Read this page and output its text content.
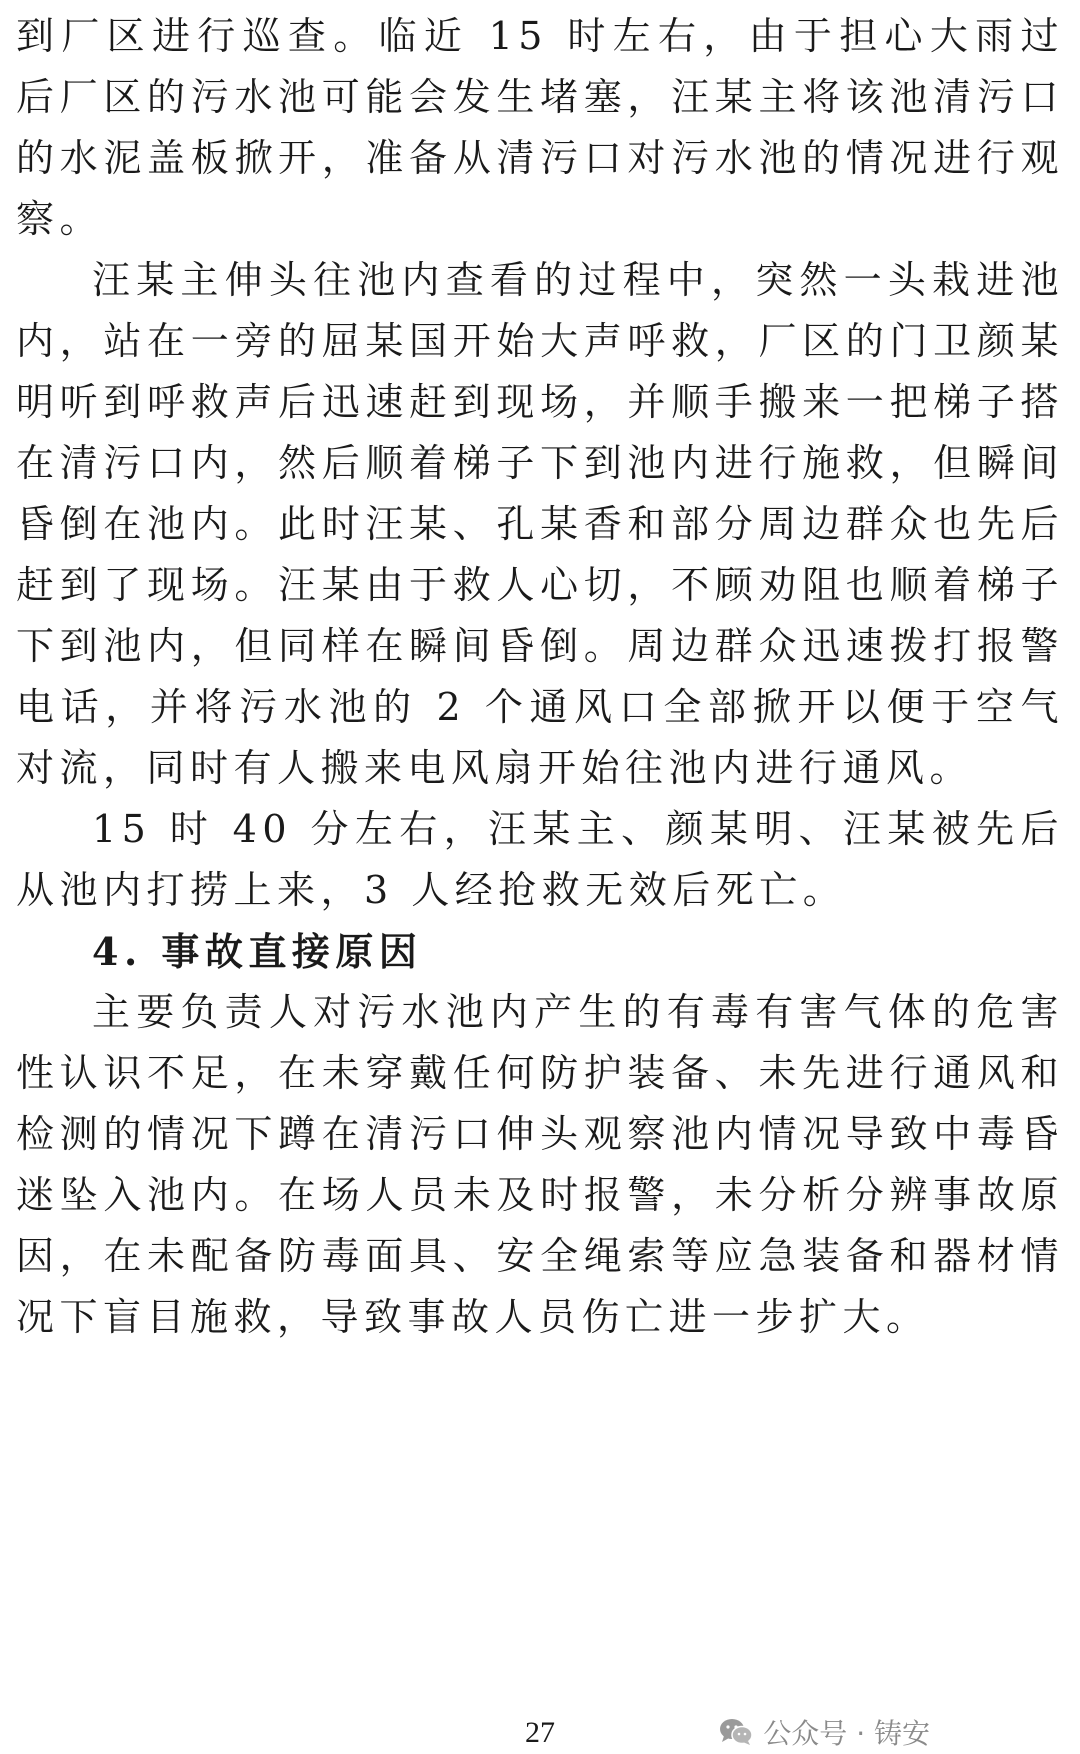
到厂区进行巡查。临近 15 时左右，由于担心大雨过后厂区的污水池可能会发生堵塞，汪某主将该池清污口的水泥盖板掀开，准备从清污口对污水池的情况进行观察。

汪某主伸头往池内查看的过程中，突然一头栽进池内，站在一旁的屈某国开始大声呼救，厂区的门卫颜某明听到呼救声后迅速赶到现场，并顺手搬来一把梯子搭在清污口内，然后顺着梯子下到池内进行施救，但瞬间昏倒在池内。此时汪某、孔某香和部分周边群众也先后赶到了现场。汪某由于救人心切，不顾劝阻也顺着梯子下到池内，但同样在瞬间昏倒。周边群众迅速拨打报警电话，并将污水池的 2 个通风口全部掀开以便于空气对流，同时有人搬来电风扇开始往池内进行通风。

15 时 40 分左右，汪某主、颜某明、汪某被先后从池内打捞上来，3 人经抢救无效后死亡。

4. 事故直接原因

主要负责人对污水池内产生的有毒有害气体的危害性认识不足，在未穿戴任何防护装备、未先进行通风和检测的情况下蹲在清污口伸头观察池内情况导致中毒昏迷坠入池内。在场人员未及时报警，未分析分辨事故原因，在未配备防毒面具、安全绳索等应急装备和器材情况下盲目施救，导致事故人员伤亡进一步扩大。

公众号 · 铸安
27
